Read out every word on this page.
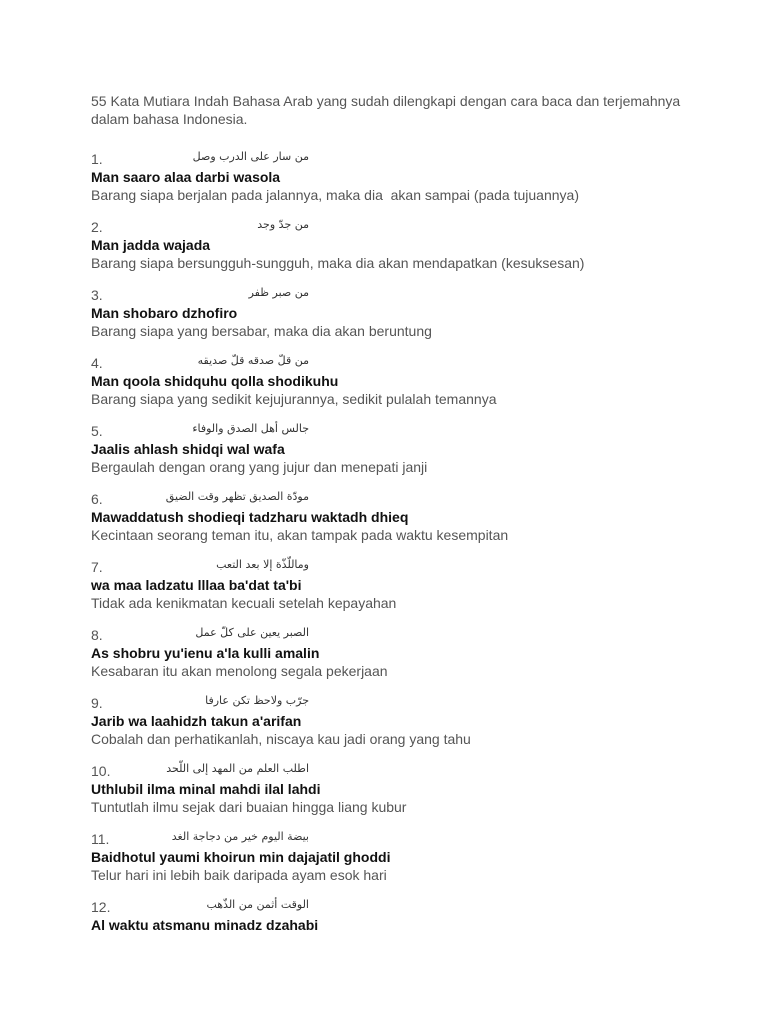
55 Kata Mutiara Indah Bahasa Arab yang sudah dilengkapi dengan cara baca dan terjemahnya dalam bahasa Indonesia.

1.	من سار على الدرب وصل
Man saaro alaa darbi wasola
Barang siapa berjalan pada jalannya, maka dia  akan sampai (pada tujuannya)
2.	من جدّ وجد
Man jadda wajada
Barang siapa bersungguh-sungguh, maka dia akan mendapatkan (kesuksesan)
3.	من صبر ظفر
Man shobaro dzhofiro
Barang siapa yang bersabar, maka dia akan beruntung
4.	من قلّ صدقه قلّ صديقه
Man qoola shidquhu qolla shodikuhu
Barang siapa yang sedikit kejujurannya, sedikit pulalah temannya
5.	جالس أهل الصدق والوفاء
Jaalis ahlash shidqi wal wafa
Bergaulah dengan orang yang jujur dan menepati janji
6.	مودّة الصديق تظهر وقت الضيق
Mawaddatush shodieqi tadzharu waktadh dhieq
Kecintaan seorang teman itu, akan tampak pada waktu kesempitan
7.	وماللّذّة إلا بعد التعب
wa maa ladzatu lllaa ba'dat ta'bi
Tidak ada kenikmatan kecuali setelah kepayahan
8.	الصبر يعين على كلّ عمل
As shobru yu'ienu a'la kulli amalin
Kesabaran itu akan menolong segala pekerjaan
9.	جرّب ولاحظ تكن عارفا
Jarib wa laahidzh takun a'arifan
Cobalah dan perhatikanlah, niscaya kau jadi orang yang tahu
10.	اطلب العلم من المهد إلى اللّحد
Uthlubil ilma minal mahdi ilal lahdi
Tuntutlah ilmu sejak dari buaian hingga liang kubur
11.	بيضة اليوم خير من دجاجة الغد
Baidhotul yaumi khoirun min dajajatil ghoddi
Telur hari ini lebih baik daripada ayam esok hari
12.	الوقت أثمن من الذّهب
Al waktu atsmanu minadz dzahabi
